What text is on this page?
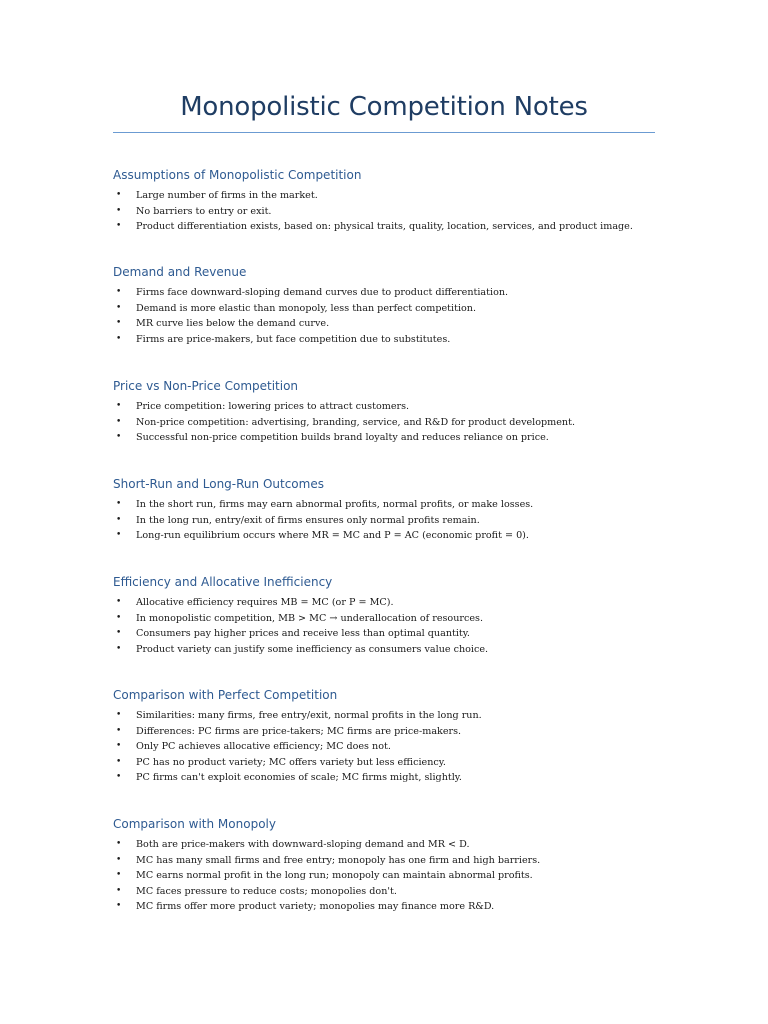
Monopolistic Competition Notes
Assumptions of Monopolistic Competition
• Large number of firms in the market.
• No barriers to entry or exit.
• Product differentiation exists, based on: physical traits, quality, location, services, and product image.
Demand and Revenue
• Firms face downward-sloping demand curves due to product differentiation.
• Demand is more elastic than monopoly, less than perfect competition.
• MR curve lies below the demand curve.
• Firms are price-makers, but face competition due to substitutes.
Price vs Non-Price Competition
• Price competition: lowering prices to attract customers.
• Non-price competition: advertising, branding, service, and R&D for product development.
• Successful non-price competition builds brand loyalty and reduces reliance on price.
Short-Run and Long-Run Outcomes
• In the short run, firms may earn abnormal profits, normal profits, or make losses.
• In the long run, entry/exit of firms ensures only normal profits remain.
• Long-run equilibrium occurs where MR = MC and P = AC (economic profit = 0).
Efficiency and Allocative Inefficiency
• Allocative efficiency requires MB = MC (or P = MC).
• In monopolistic competition, MB > MC → underallocation of resources.
• Consumers pay higher prices and receive less than optimal quantity.
• Product variety can justify some inefficiency as consumers value choice.
Comparison with Perfect Competition
• Similarities: many firms, free entry/exit, normal profits in the long run.
• Differences: PC firms are price-takers; MC firms are price-makers.
• Only PC achieves allocative efficiency; MC does not.
• PC has no product variety; MC offers variety but less efficiency.
• PC firms can't exploit economies of scale; MC firms might, slightly.
Comparison with Monopoly
• Both are price-makers with downward-sloping demand and MR < D.
• MC has many small firms and free entry; monopoly has one firm and high barriers.
• MC earns normal profit in the long run; monopoly can maintain abnormal profits.
• MC faces pressure to reduce costs; monopolies don't.
• MC firms offer more product variety; monopolies may finance more R&D.
